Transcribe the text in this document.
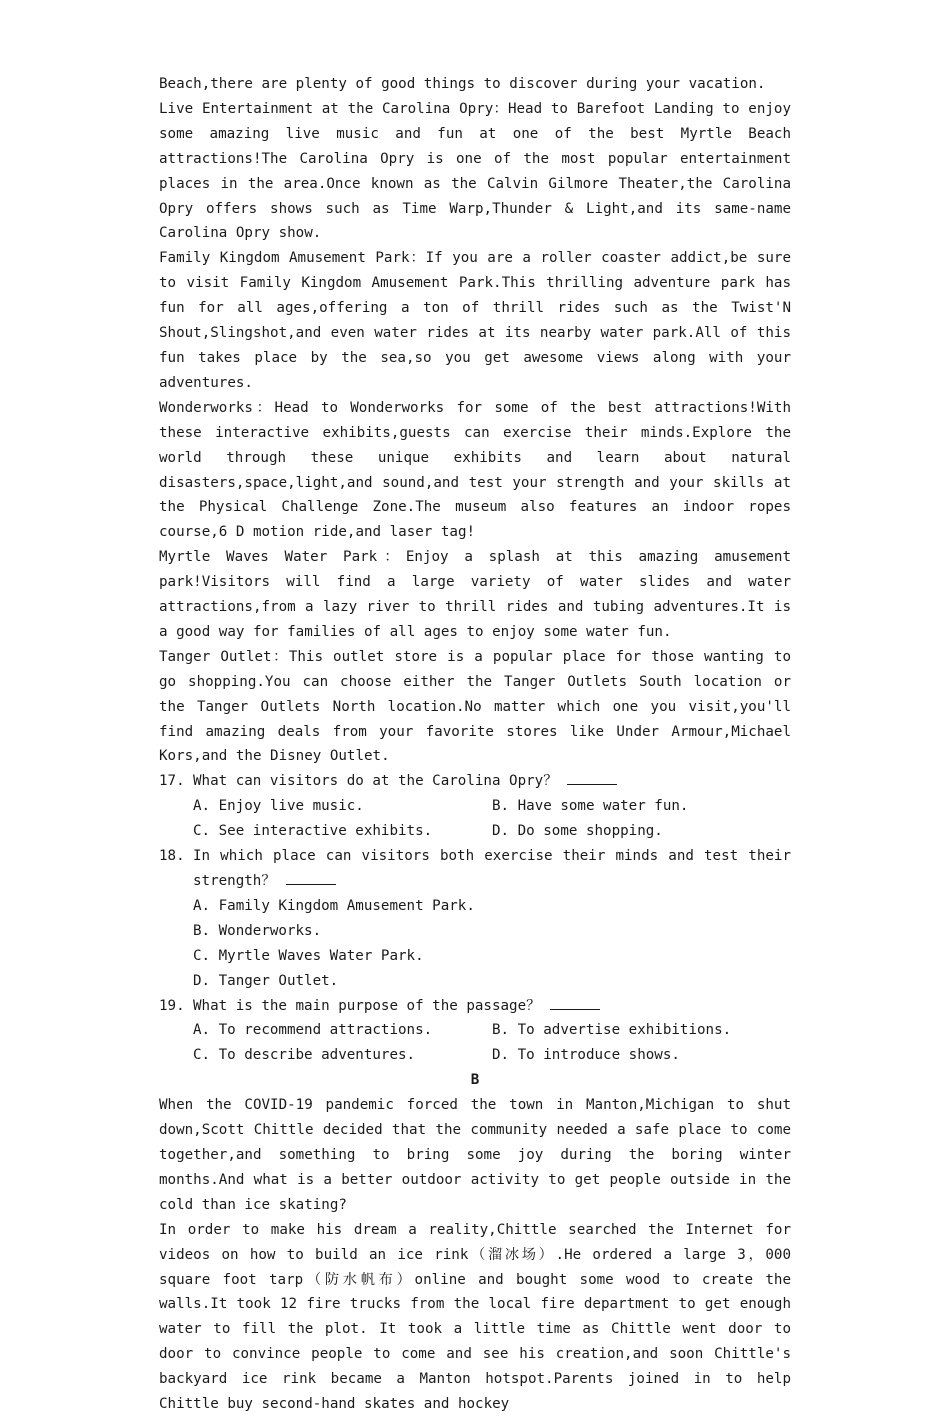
Beach,there are plenty of good things to discover during your vacation.

Live Entertainment at the Carolina Opry：Head to Barefoot Landing to enjoy some amazing live music and fun at one of the best Myrtle Beach attractions!The Carolina Opry is one of the most popular entertainment places in the area.Once known as the Calvin Gilmore Theater,the Carolina Opry offers shows such as Time Warp,Thunder & Light,and its same-name Carolina Opry show.

Family Kingdom Amusement Park：If you are a roller coaster addict,be sure to visit Family Kingdom Amusement Park.This thrilling adventure park has fun for all ages,offering a ton of thrill rides such as the Twist'N Shout,Slingshot,and even water rides at its nearby water park.All of this fun takes place by the sea,so you get awesome views along with your adventures.

Wonderworks：Head to Wonderworks for some of the best attractions!With these interactive exhibits,guests can exercise their minds.Explore the world through these unique exhibits and learn about natural disasters,space,light,and sound,and test your strength and your skills at the Physical Challenge Zone.The museum also features an indoor ropes course,6 D motion ride,and laser tag!

Myrtle Waves Water Park：Enjoy a splash at this amazing amusement park!Visitors will find a large variety of water slides and water attractions,from a lazy river to thrill rides and tubing adventures.It is a good way for families of all ages to enjoy some water fun.

Tanger Outlet：This outlet store is a popular place for those wanting to go shopping.You can choose either the Tanger Outlets South location or the Tanger Outlets North location.No matter which one you visit,you'll find amazing deals from your favorite stores like Under Armour,Michael Kors,and the Disney Outlet.

17. What can visitors do at the Carolina Opry？
A. Enjoy live music.	B. Have some water fun.
C. See interactive exhibits.	D. Do some shopping.
18. In which place can visitors both exercise their minds and test their strength？
A. Family Kingdom Amusement Park.
B. Wonderworks.
C. Myrtle Waves Water Park.
D. Tanger Outlet.
19. What is the main purpose of the passage？
A. To recommend attractions.	B. To advertise exhibitions.
C. To describe adventures.	D. To introduce shows.

B

When the COVID-19 pandemic forced the town in Manton,Michigan to shut down,Scott Chittle decided that the community needed a safe place to come together,and something to bring some joy during the boring winter months.And what is a better outdoor activity to get people outside in the cold than ice skating?

In order to make his dream a reality,Chittle searched the Internet for videos on how to build an ice rink（溜冰场）.He ordered a large 3，000 square foot tarp（防水帆布）online and bought some wood to create the walls.It took 12 fire trucks from the local fire department to get enough water to fill the plot. It took a little time as Chittle went door to door to convince people to come and see his creation,and soon Chittle's backyard ice rink became a Manton hotspot.Parents joined in to help Chittle buy second-hand skates and hockey
